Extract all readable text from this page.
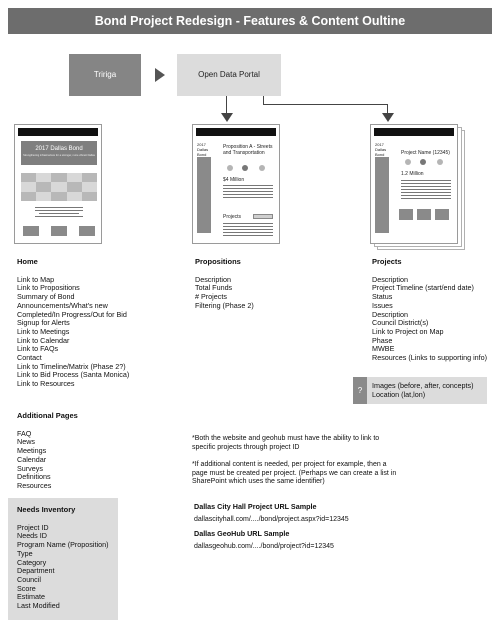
Bond Project Redesign - Features & Content Oultine
Tririga	Open Data Portal
2017 Dallas Bond
Strengthening infrastructure for a stronger, more vibrant Dallas
2017 Dallas Bond
Proposition A - Streets and Transportation
$4 Million
Projects
2017 Dallas Bond	Project Name (12345)
1.2 Million
Home
Link to Map
Link to Propositions
Summary of Bond
Announcements/What's new
Completed/In Progress/Out for Bid
Signup for Alerts
Link to Meetings
Link to Calendar
Link to FAQs
Contact
Link to Timeline/Matrix (Phase 2?)
Link to Bid Process (Santa Monica)
Link to Resources
Propositions
Description
Total Funds
# Projects
Filtering (Phase 2)
Projects
Description
Project Timeline (start/end date)
Status
Issues
Description
Council District(s)
Link to Project on Map
Phase
MWBE
Resources (Links to supporting info)
?
Images (before, after, concepts)
Location (lat,lon)
Additional Pages
FAQ
News
Meetings
Calendar
Surveys
Definitions
Resources
Needs Inventory
Project ID
Needs ID
Program Name (Proposition)
Type
Category
Department
Council
Score
Estimate
Last Modified
*Both the website and geohub must have the ability to link to specific projects through project ID
*If additional content is needed, per project for example, then a page must be created per project. (Perhaps we can create a list in SharePoint which uses the same identifier)
Dallas City Hall Project URL Sample
dallascityhall.com/..../bond/project.aspx?id=12345
Dallas GeoHub URL Sample
dallasgeohub.com/..../bond/project?id=12345
